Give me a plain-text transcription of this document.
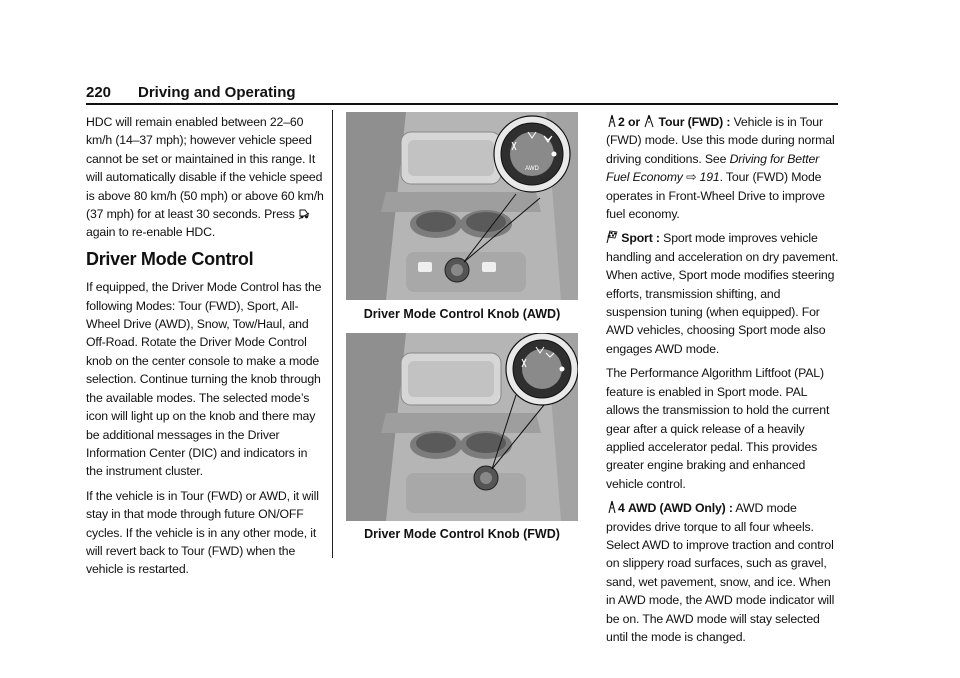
220 Driving and Operating

HDC will remain enabled between 22–60 km/h (14–37 mph); however vehicle speed cannot be set or maintained in this range. It will automatically disable if the vehicle speed is above 80 km/h (50 mph) or above 60 km/h (37 mph) for at least 30 seconds. Press  again to re-enable HDC.

Driver Mode Control

If equipped, the Driver Mode Control has the following Modes: Tour (FWD), Sport, All-Wheel Drive (AWD), Snow, Tow/Haul, and Off-Road. Rotate the Driver Mode Control knob on the center console to make a mode selection. Continue turning the knob through the available modes. The selected mode’s icon will light up on the knob and there may be additional messages in the Driver Information Center (DIC) and indicators in the instrument cluster.

If the vehicle is in Tour (FWD) or AWD, it will stay in that mode through future ON/OFF cycles. If the vehicle is in any other mode, it will revert back to Tour (FWD) when the vehicle is restarted.

AWD
Driver Mode Control Knob (AWD)
Driver Mode Control Knob (FWD)

2 or Tour (FWD) : Vehicle is in Tour (FWD) mode. Use this mode during normal driving conditions. See Driving for Better Fuel Economy ⇨ 191. Tour (FWD) Mode operates in Front-Wheel Drive to improve fuel economy.

Sport : Sport mode improves vehicle handling and acceleration on dry pavement. When active, Sport mode modifies steering efforts, transmission shifting, and suspension tuning (when equipped). For AWD vehicles, choosing Sport mode also engages AWD mode.

The Performance Algorithm Liftfoot (PAL) feature is enabled in Sport mode. PAL allows the transmission to hold the current gear after a quick release of a heavily applied accelerator pedal. This provides greater engine braking and enhanced vehicle control.

4 AWD (AWD Only) : AWD mode provides drive torque to all four wheels. Select AWD to improve traction and control on slippery road surfaces, such as gravel, sand, wet pavement, snow, and ice. When in AWD mode, the AWD mode indicator will be on. The AWD mode will stay selected until the mode is changed.
